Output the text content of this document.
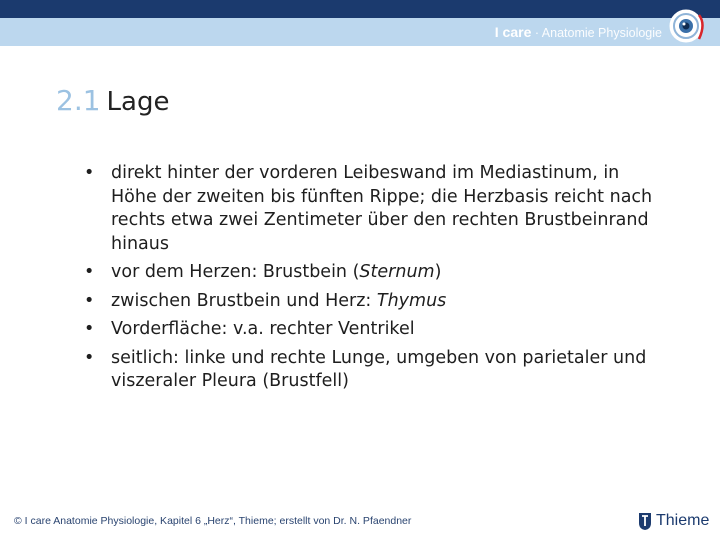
I care · Anatomie Physiologie
2.1 Lage
• direkt hinter der vorderen Leibeswand im Mediastinum, in Höhe der zweiten bis fünften Rippe; die Herzbasis reicht nach rechts etwa zwei Zentimeter über den rechten Brustbeinrand hinaus
• vor dem Herzen: Brustbein (Sternum)
• zwischen Brustbein und Herz: Thymus
• Vorderfläche: v.a. rechter Ventrikel
• seitlich: linke und rechte Lunge, umgeben von parietaler und viszeraler Pleura (Brustfell)
© I care Anatomie Physiologie, Kapitel 6 „Herz“, Thieme; erstellt von Dr. N. Pfaendner	Thieme
